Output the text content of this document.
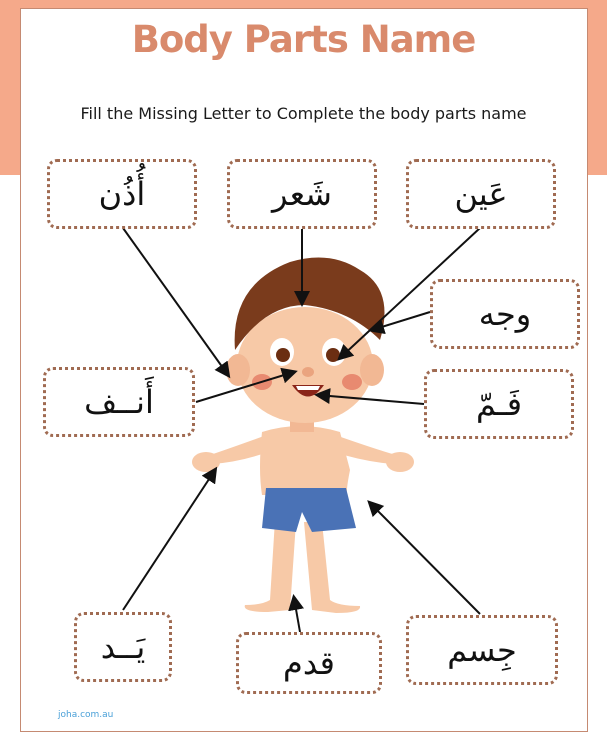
Body Parts Name
Fill the Missing Letter to Complete the body parts name
أُذُن	شَعر	عَين
وجه
أَنــف	فَـمّ
يَــد	قدم	جِسم
joha.com.au
